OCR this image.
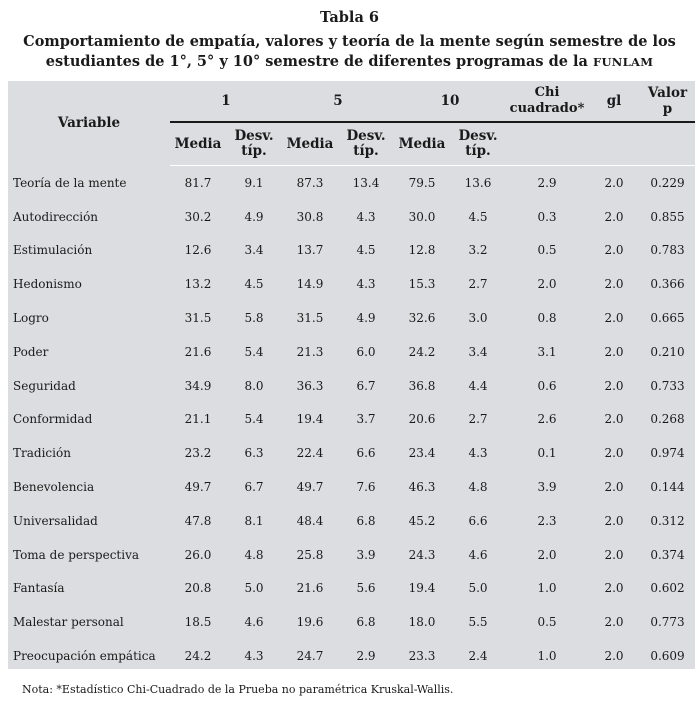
Tabla 6
Comportamiento de empatía, valores y teoría de la mente según semestre de los
estudiantes de 1°, 5° y 10° semestre de diferentes programas de la FUNLAM
Variable	1		5		10		Chi cuadrado*	gl	Valor p
	Media	Desv. típ.	Media	Desv. típ.	Media	Desv. típ.			
Teoría de la mente	81.7	9.1	87.3	13.4	79.5	13.6	2.9	2.0	0.229
Autodirección	30.2	4.9	30.8	4.3	30.0	4.5	0.3	2.0	0.855
Estimulación	12.6	3.4	13.7	4.5	12.8	3.2	0.5	2.0	0.783
Hedonismo	13.2	4.5	14.9	4.3	15.3	2.7	2.0	2.0	0.366
Logro	31.5	5.8	31.5	4.9	32.6	3.0	0.8	2.0	0.665
Poder	21.6	5.4	21.3	6.0	24.2	3.4	3.1	2.0	0.210
Seguridad	34.9	8.0	36.3	6.7	36.8	4.4	0.6	2.0	0.733
Conformidad	21.1	5.4	19.4	3.7	20.6	2.7	2.6	2.0	0.268
Tradición	23.2	6.3	22.4	6.6	23.4	4.3	0.1	2.0	0.974
Benevolencia	49.7	6.7	49.7	7.6	46.3	4.8	3.9	2.0	0.144
Universalidad	47.8	8.1	48.4	6.8	45.2	6.6	2.3	2.0	0.312
Toma de perspectiva	26.0	4.8	25.8	3.9	24.3	4.6	2.0	2.0	0.374
Fantasía	20.8	5.0	21.6	5.6	19.4	5.0	1.0	2.0	0.602
Malestar personal	18.5	4.6	19.6	6.8	18.0	5.5	0.5	2.0	0.773
Preocupación empática	24.2	4.3	24.7	2.9	23.3	2.4	1.0	2.0	0.609
Nota: *Estadístico Chi-Cuadrado de la Prueba no paramétrica Kruskal-Wallis.
